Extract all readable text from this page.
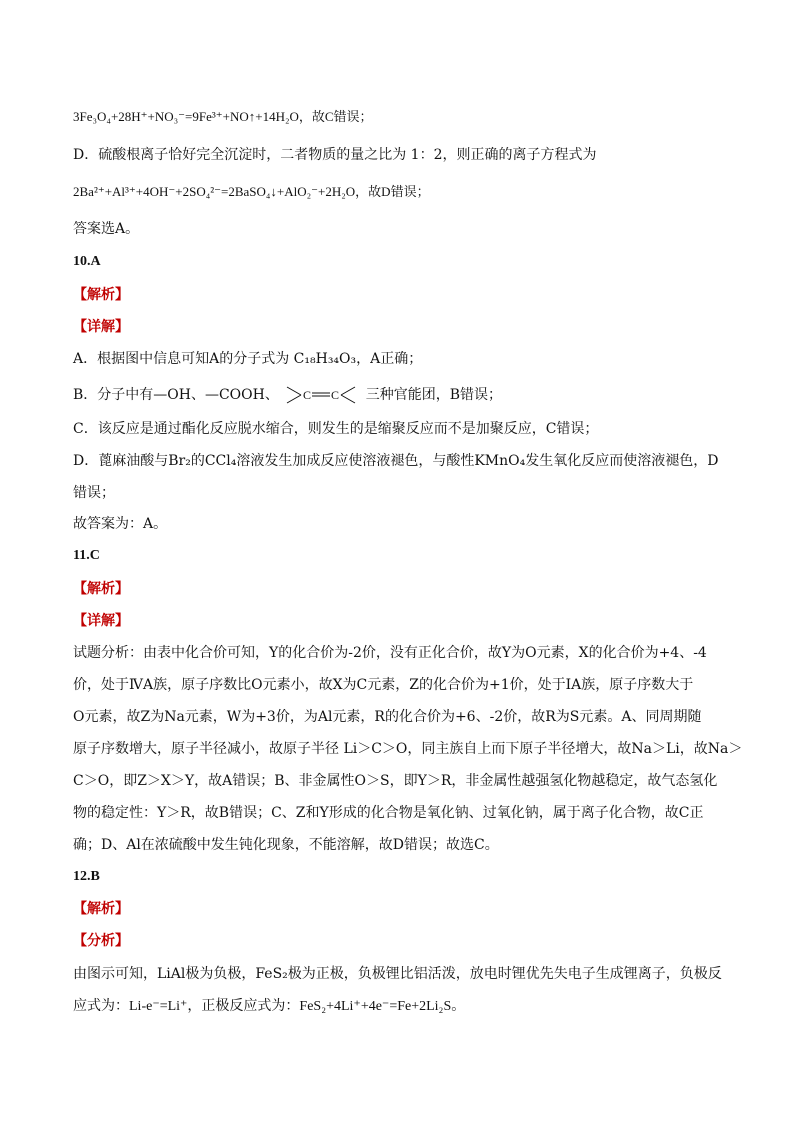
3Fe₃O₄+28H⁺+NO₃⁻=9Fe³⁺+NO↑+14H₂O，故C错误；
D．硫酸根离子恰好完全沉淀时，二者物质的量之比为 1：2，则正确的离子方程式为
2Ba²⁺+Al³⁺+4OH⁻+2SO₄²⁻=2BaSO₄↓+AlO₂⁻+2H₂O，故D错误；
答案选A。
10.A
【解析】
【详解】
A．根据图中信息可知A的分子式为 C₁₈H₃₄O₃，A正确；
B．分子中有—OH、—COOH、 C C 三种官能团，B错误；
C．该反应是通过酯化反应脱水缩合，则发生的是缩聚反应而不是加聚反应，C错误；
D．蓖麻油酸与Br₂的CCl₄溶液发生加成反应使溶液褪色，与酸性KMnO₄发生氧化反应而使溶液褪色，D
错误；
故答案为：A。
11.C
【解析】
【详解】
试题分析：由表中化合价可知，Y的化合价为-2价，没有正化合价，故Y为O元素，X的化合价为+4、-4
价，处于ⅣA族，原子序数比O元素小，故X为C元素，Z的化合价为+1价，处于ⅠA族，原子序数大于
O元素，故Z为Na元素，W为+3价，为Al元素，R的化合价为+6、-2价，故R为S元素。A、同周期随
原子序数增大，原子半径减小，故原子半径 Li＞C＞O，同主族自上而下原子半径增大，故Na＞Li，故Na＞
C＞O，即Z＞X＞Y，故A错误；B、非金属性O＞S，即Y＞R，非金属性越强氢化物越稳定，故气态氢化
物的稳定性：Y＞R，故B错误；C、Z和Y形成的化合物是氧化钠、过氧化钠，属于离子化合物，故C正
确；D、Al在浓硫酸中发生钝化现象，不能溶解，故D错误；故选C。
12.B
【解析】
【分析】
由图示可知，LiAl极为负极，FeS₂极为正极，负极锂比铝活泼，放电时锂优先失电子生成锂离子，负极反
应式为：Li-e⁻=Li⁺，正极反应式为：FeS₂+4Li⁺+4e⁻=Fe+2Li₂S。
